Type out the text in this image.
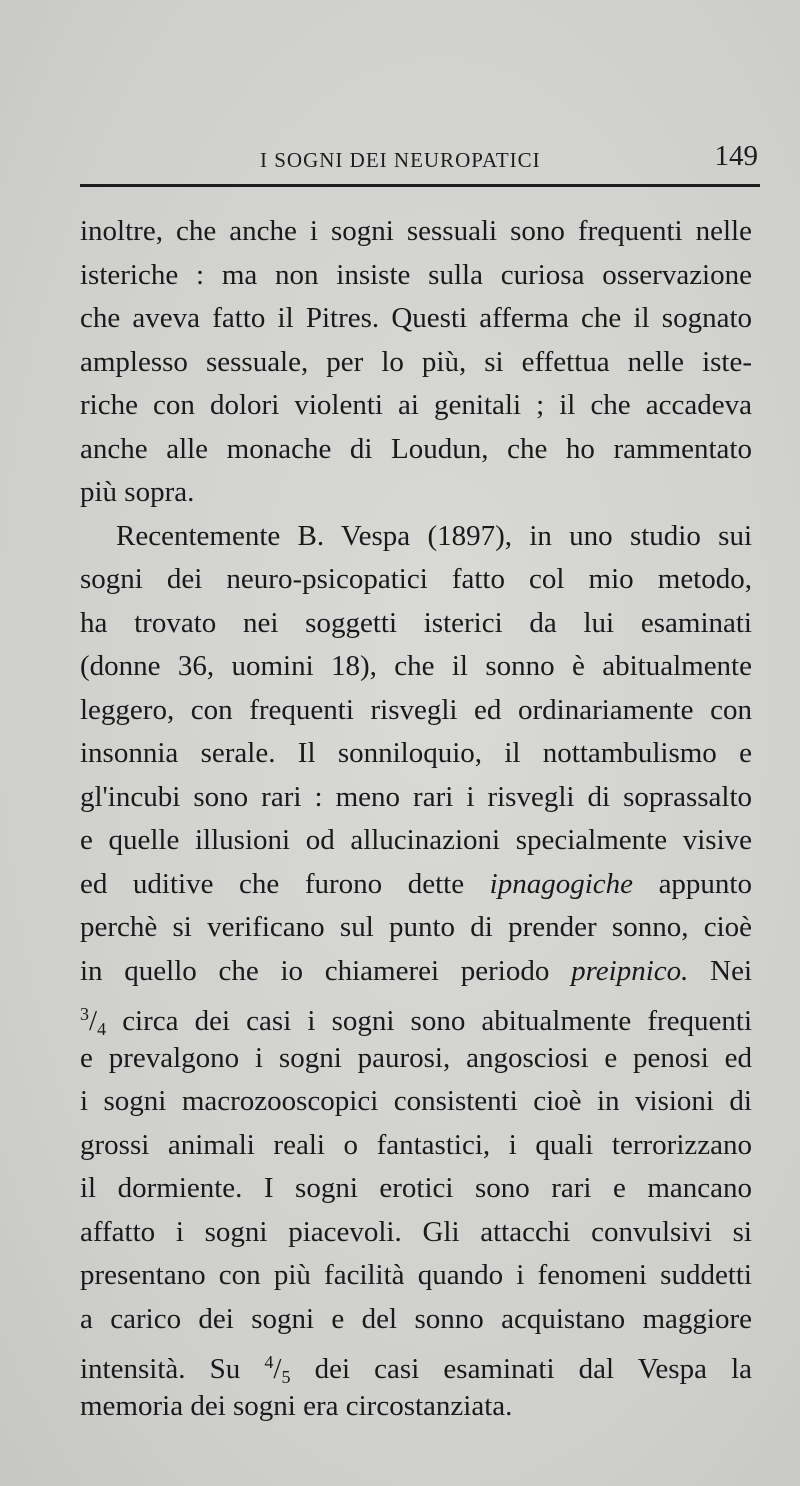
I SOGNI DEI NEUROPATICI	149
inoltre, che anche i sogni sessuali sono frequenti nelle
isteriche : ma non insiste sulla curiosa osservazione
che aveva fatto il Pitres. Questi afferma che il sognato
amplesso sessuale, per lo più, si effettua nelle iste-
riche con dolori violenti ai genitali ; il che accadeva
anche alle monache di Loudun, che ho rammentato
più sopra.
Recentemente B. Vespa (1897), in uno studio sui
sogni dei neuro-psicopatici fatto col mio metodo,
ha trovato nei soggetti isterici da lui esaminati
(donne 36, uomini 18), che il sonno è abitualmente
leggero, con frequenti risvegli ed ordinariamente con
insonnia serale. Il sonniloquio, il nottambulismo e
gl'incubi sono rari : meno rari i risvegli di soprassalto
e quelle illusioni od allucinazioni specialmente visive
ed uditive che furono dette ipnagogiche appunto
perchè si verificano sul punto di prender sonno, cioè
in quello che io chiamerei periodo preipnico. Nei
$^3/_4$ circa dei casi i sogni sono abitualmente frequenti
e prevalgono i sogni paurosi, angosciosi e penosi ed
i sogni macrozooscopici consistenti cioè in visioni di
grossi animali reali o fantastici, i quali terrorizzano
il dormiente. I sogni erotici sono rari e mancano
affatto i sogni piacevoli. Gli attacchi convulsivi si
presentano con più facilità quando i fenomeni suddetti
a carico dei sogni e del sonno acquistano maggiore
intensità. Su $^4/_5$ dei casi esaminati dal Vespa la
memoria dei sogni era circostanziata.
